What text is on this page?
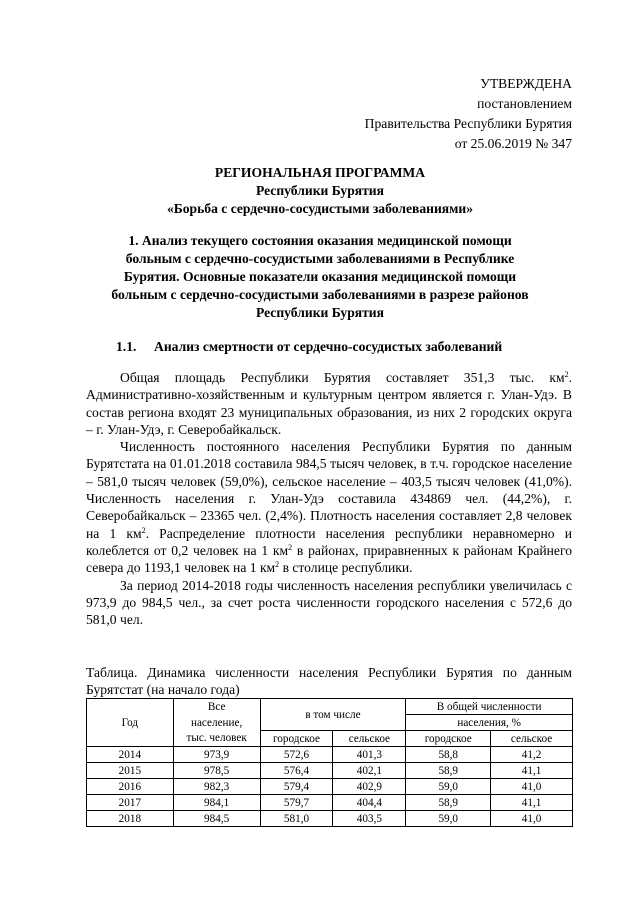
УТВЕРЖДЕНА
постановлением
Правительства Республики Бурятия
от 25.06.2019 № 347
РЕГИОНАЛЬНАЯ ПРОГРАММА
Республики Бурятия
«Борьба с сердечно-сосудистыми заболеваниями»
1. Анализ текущего состояния оказания медицинской помощи
больным с сердечно-сосудистыми заболеваниями в Республике
Бурятия. Основные показатели оказания медицинской помощи
больным с сердечно-сосудистыми заболеваниями в разрезе районов
Республики Бурятия
1.1. Анализ смертности от сердечно-сосудистых заболеваний

Общая площадь Республики Бурятия составляет 351,3 тыс. $км^2$. Административно-хозяйственным и культурным центром является г. Улан-Удэ. В состав региона входят 23 муниципальных образования, из них 2 городских округа – г. Улан-Удэ, г. Северобайкальск.

Численность постоянного населения Республики Бурятия по данным Бурятстата на 01.01.2018 составила 984,5 тысяч человек, в т.ч. городское население – 581,0 тысяч человек (59,0%), сельское население – 403,5 тысяч человек (41,0%). Численность населения г. Улан-Удэ составила 434869 чел. (44,2%), г. Северобайкальск – 23365 чел. (2,4%). Плотность населения составляет 2,8 человек на 1 $км^2$. Распределение плотности населения республики неравномерно и колеблется от 0,2 человек на 1 $км^2$ в районах, приравненных к районам Крайнего севера до 1193,1 человек на 1 $км^2$ в столице республики.

За период 2014-2018 годы численность населения республики увеличилась с 973,9 до 984,5 чел., за счет роста численности городского населения с 572,6 до 581,0 чел.

Таблица. Динамика численности населения Республики Бурятия по данным Бурятстат (на начало года)
	Все	в том числе		В общей численности	
Год	население,			населения, %	
	тыс. человек	городское	сельское	городское	сельское
2014	973,9	572,6	401,3	58,8	41,2
2015	978,5	576,4	402,1	58,9	41,1
2016	982,3	579,4	402,9	59,0	41,0
2017	984,1	579,7	404,4	58,9	41,1
2018	984,5	581,0	403,5	59,0	41,0
